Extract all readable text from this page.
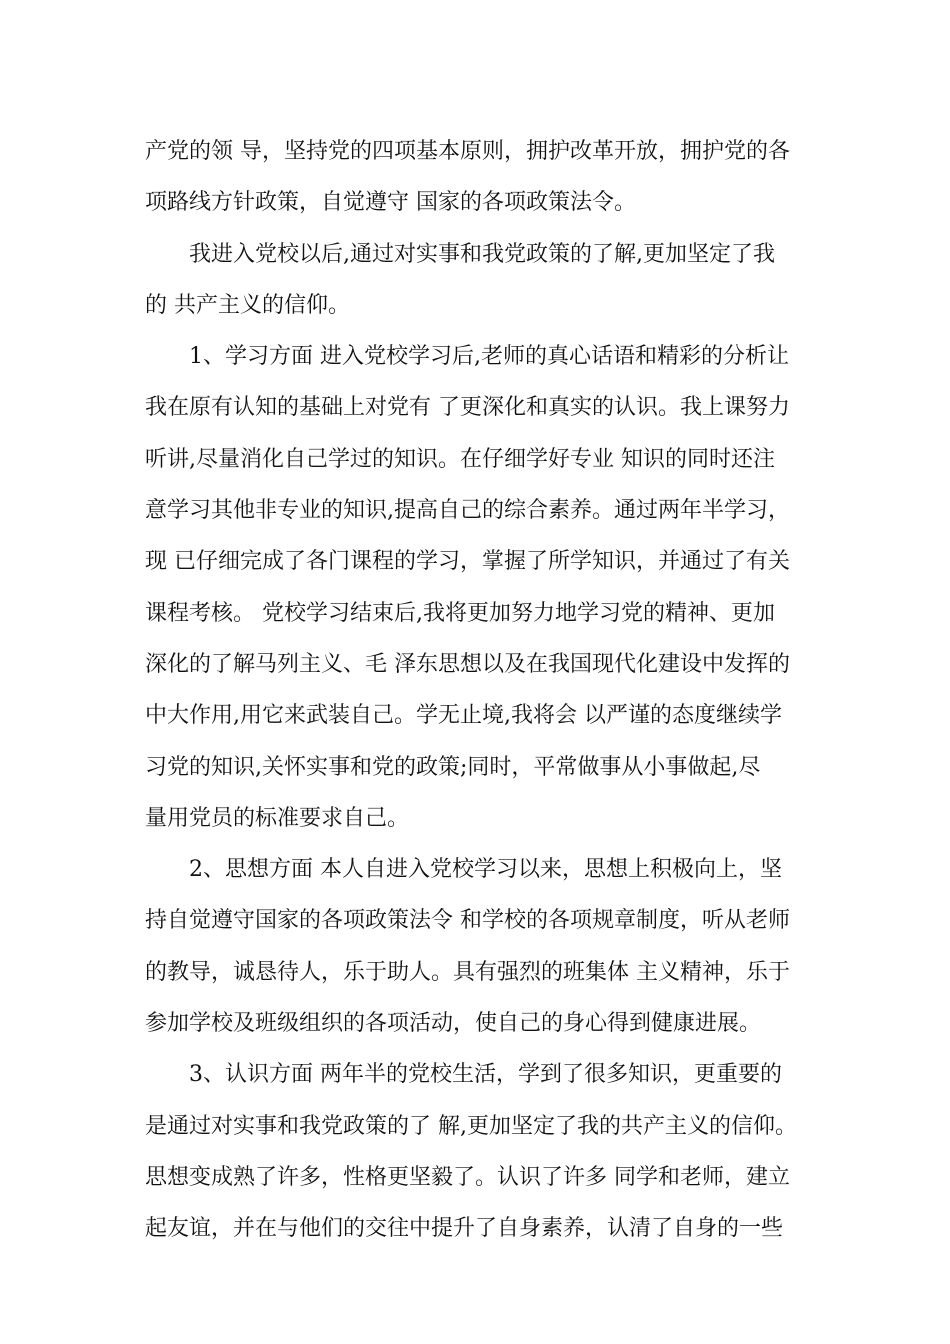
产党的领 导，坚持党的四项基本原则，拥护改革开放，拥护党的各
项路线方针政策，自觉遵守 国家的各项政策法令。
我进入党校以后,通过对实事和我党政策的了解,更加坚定了我
的 共产主义的信仰。
1、学习方面 进入党校学习后,老师的真心话语和精彩的分析让
我在原有认知的基础上对党有 了更深化和真实的认识。我上课努力
听讲,尽量消化自己学过的知识。在仔细学好专业 知识的同时还注
意学习其他非专业的知识,提高自己的综合素养。通过两年半学习，
现 已仔细完成了各门课程的学习，掌握了所学知识，并通过了有关
课程考核。 党校学习结束后,我将更加努力地学习党的精神、更加
深化的了解马列主义、毛 泽东思想以及在我国现代化建设中发挥的
中大作用,用它来武装自己。学无止境,我将会 以严谨的态度继续学
习党的知识,关怀实事和党的政策;同时，平常做事从小事做起,尽
量用党员的标准要求自己。
2、思想方面 本人自进入党校学习以来，思想上积极向上，坚
持自觉遵守国家的各项政策法令 和学校的各项规章制度，听从老师
的教导，诚恳待人，乐于助人。具有强烈的班集体 主义精神，乐于
参加学校及班级组织的各项活动，使自己的身心得到健康进展。
3、认识方面 两年半的党校生活，学到了很多知识，更重要的
是通过对实事和我党政策的了 解,更加坚定了我的共产主义的信仰。
思想变成熟了许多，性格更坚毅了。认识了许多 同学和老师，建立
起友谊，并在与他们的交往中提升了自身素养，认清了自身的一些
